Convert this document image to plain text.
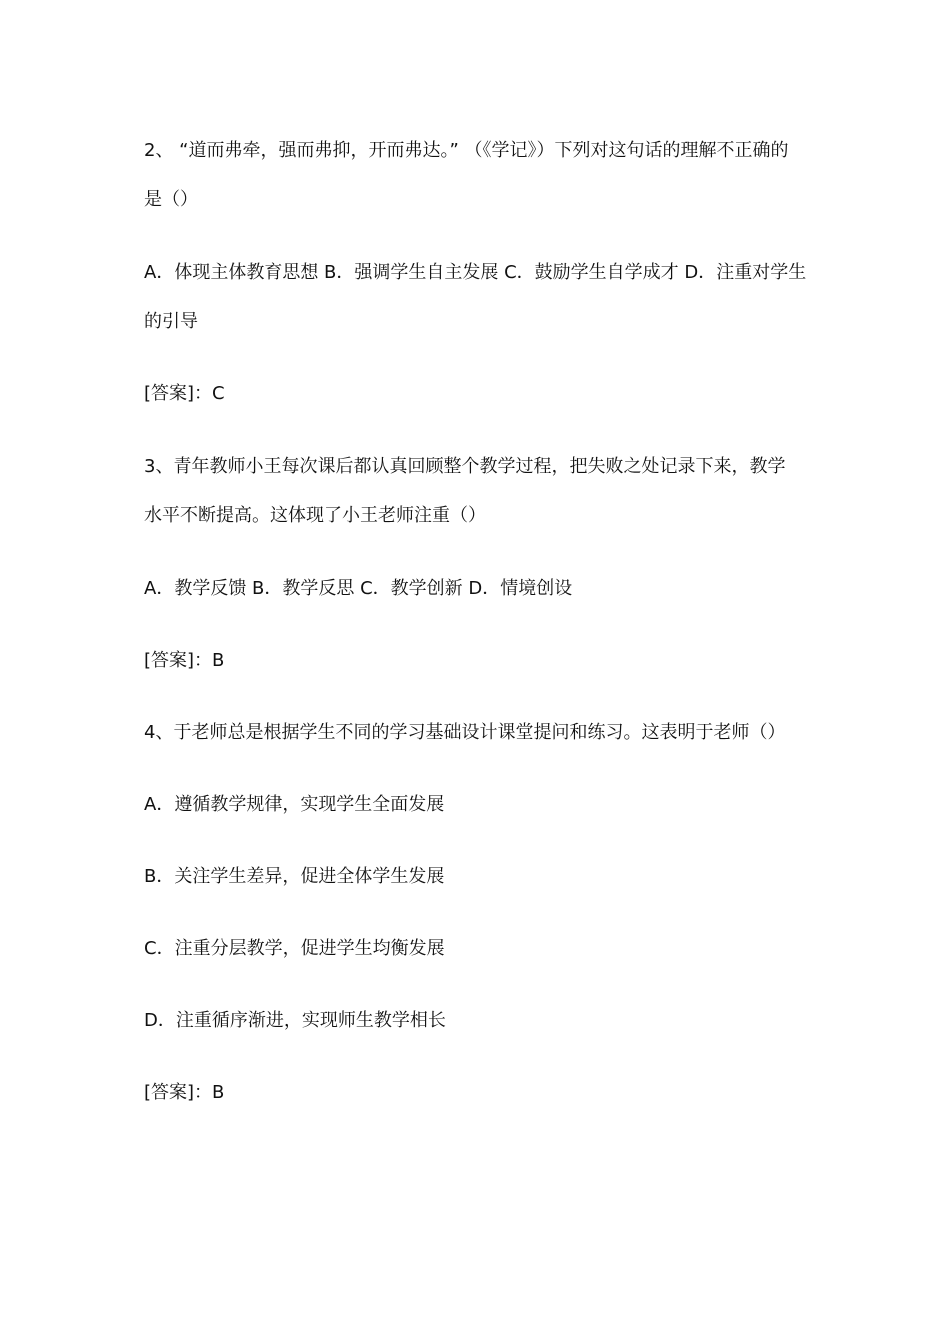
2、 “道而弗牵，强而弗抑，开而弗达。” （《学记》）下列对这句话的理解不正确的
是（）
A．体现主体教育思想 B．强调学生自主发展 C．鼓励学生自学成才 D．注重对学生
的引导
[答案]：C
3、青年教师小王每次课后都认真回顾整个教学过程，把失败之处记录下来，教学
水平不断提高。这体现了小王老师注重（）
A．教学反馈 B．教学反思 C．教学创新 D．情境创设
[答案]：B
4、于老师总是根据学生不同的学习基础设计课堂提问和练习。这表明于老师（）
A．遵循教学规律，实现学生全面发展
B．关注学生差异，促进全体学生发展
C．注重分层教学，促进学生均衡发展
D．注重循序渐进，实现师生教学相长
[答案]：B
